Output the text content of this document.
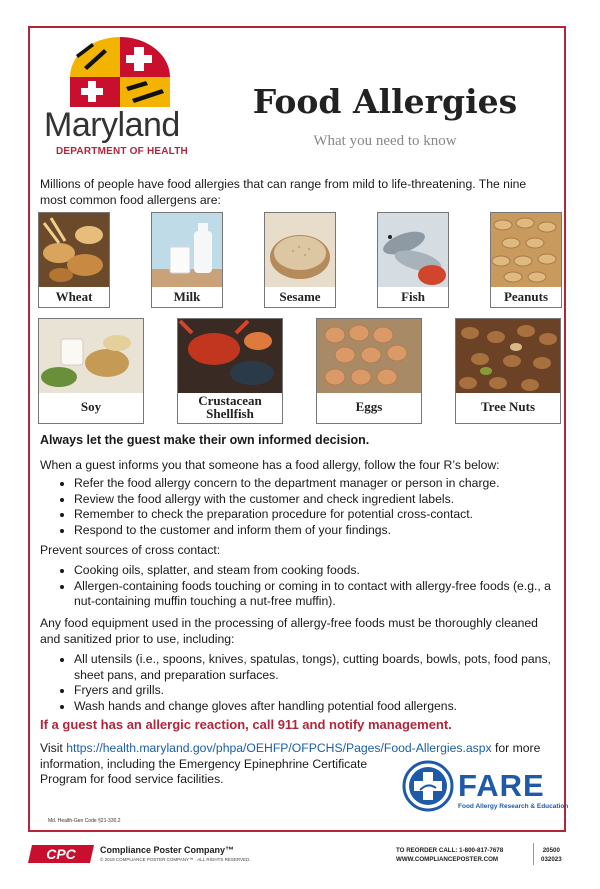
Maryland
DEPARTMENT OF HEALTH
Food Allergies
What you need to know
Millions of people have food allergies that can range from mild to life-threatening. The nine most common food allergens are:
Wheat	Milk	Sesame	Fish	Peanuts
Soy	Crustacean
Shellfish	Eggs	Tree Nuts
Always let the guest make their own informed decision.
When a guest informs you that someone has a food allergy, follow the four R’s below:
• Refer the food allergy concern to the department manager or person in charge.
• Review the food allergy with the customer and check ingredient labels.
• Remember to check the preparation procedure for potential cross-contact.
• Respond to the customer and inform them of your findings.
Prevent sources of cross contact:
• Cooking oils, splatter, and steam from cooking foods.
• Allergen-containing foods touching or coming in to contact with allergy-free foods (e.g., a nut-containing muffin touching a nut-free muffin).
Any food equipment used in the processing of allergy-free foods must be thoroughly cleaned and sanitized prior to use, including:
• All utensils (i.e., spoons, knives, spatulas, tongs), cutting boards, bowls, pots, food pans, sheet pans, and preparation surfaces.
• Fryers and grills.
• Wash hands and change gloves after handling potential food allergens.
If a guest has an allergic reaction, call 911 and notify management.
Visit https://health.maryland.gov/phpa/OEHFP/OFPCHS/Pages/Food-Allergies.aspx for more
information, including the Emergency Epinephrine Certificate
Program for food service facilities.	FARE
Food Allergy Research & Education
Md. Health-Gen Code §21-330.2
CPC	Compliance Poster Company™
© 2019 COMPLIANCE POSTER COMPANY™ · ALL RIGHTS RESERVED.
TO REORDER CALL: 1-800-817-7678
WWW.COMPLIANCEPOSTER.COM
20500
032023
